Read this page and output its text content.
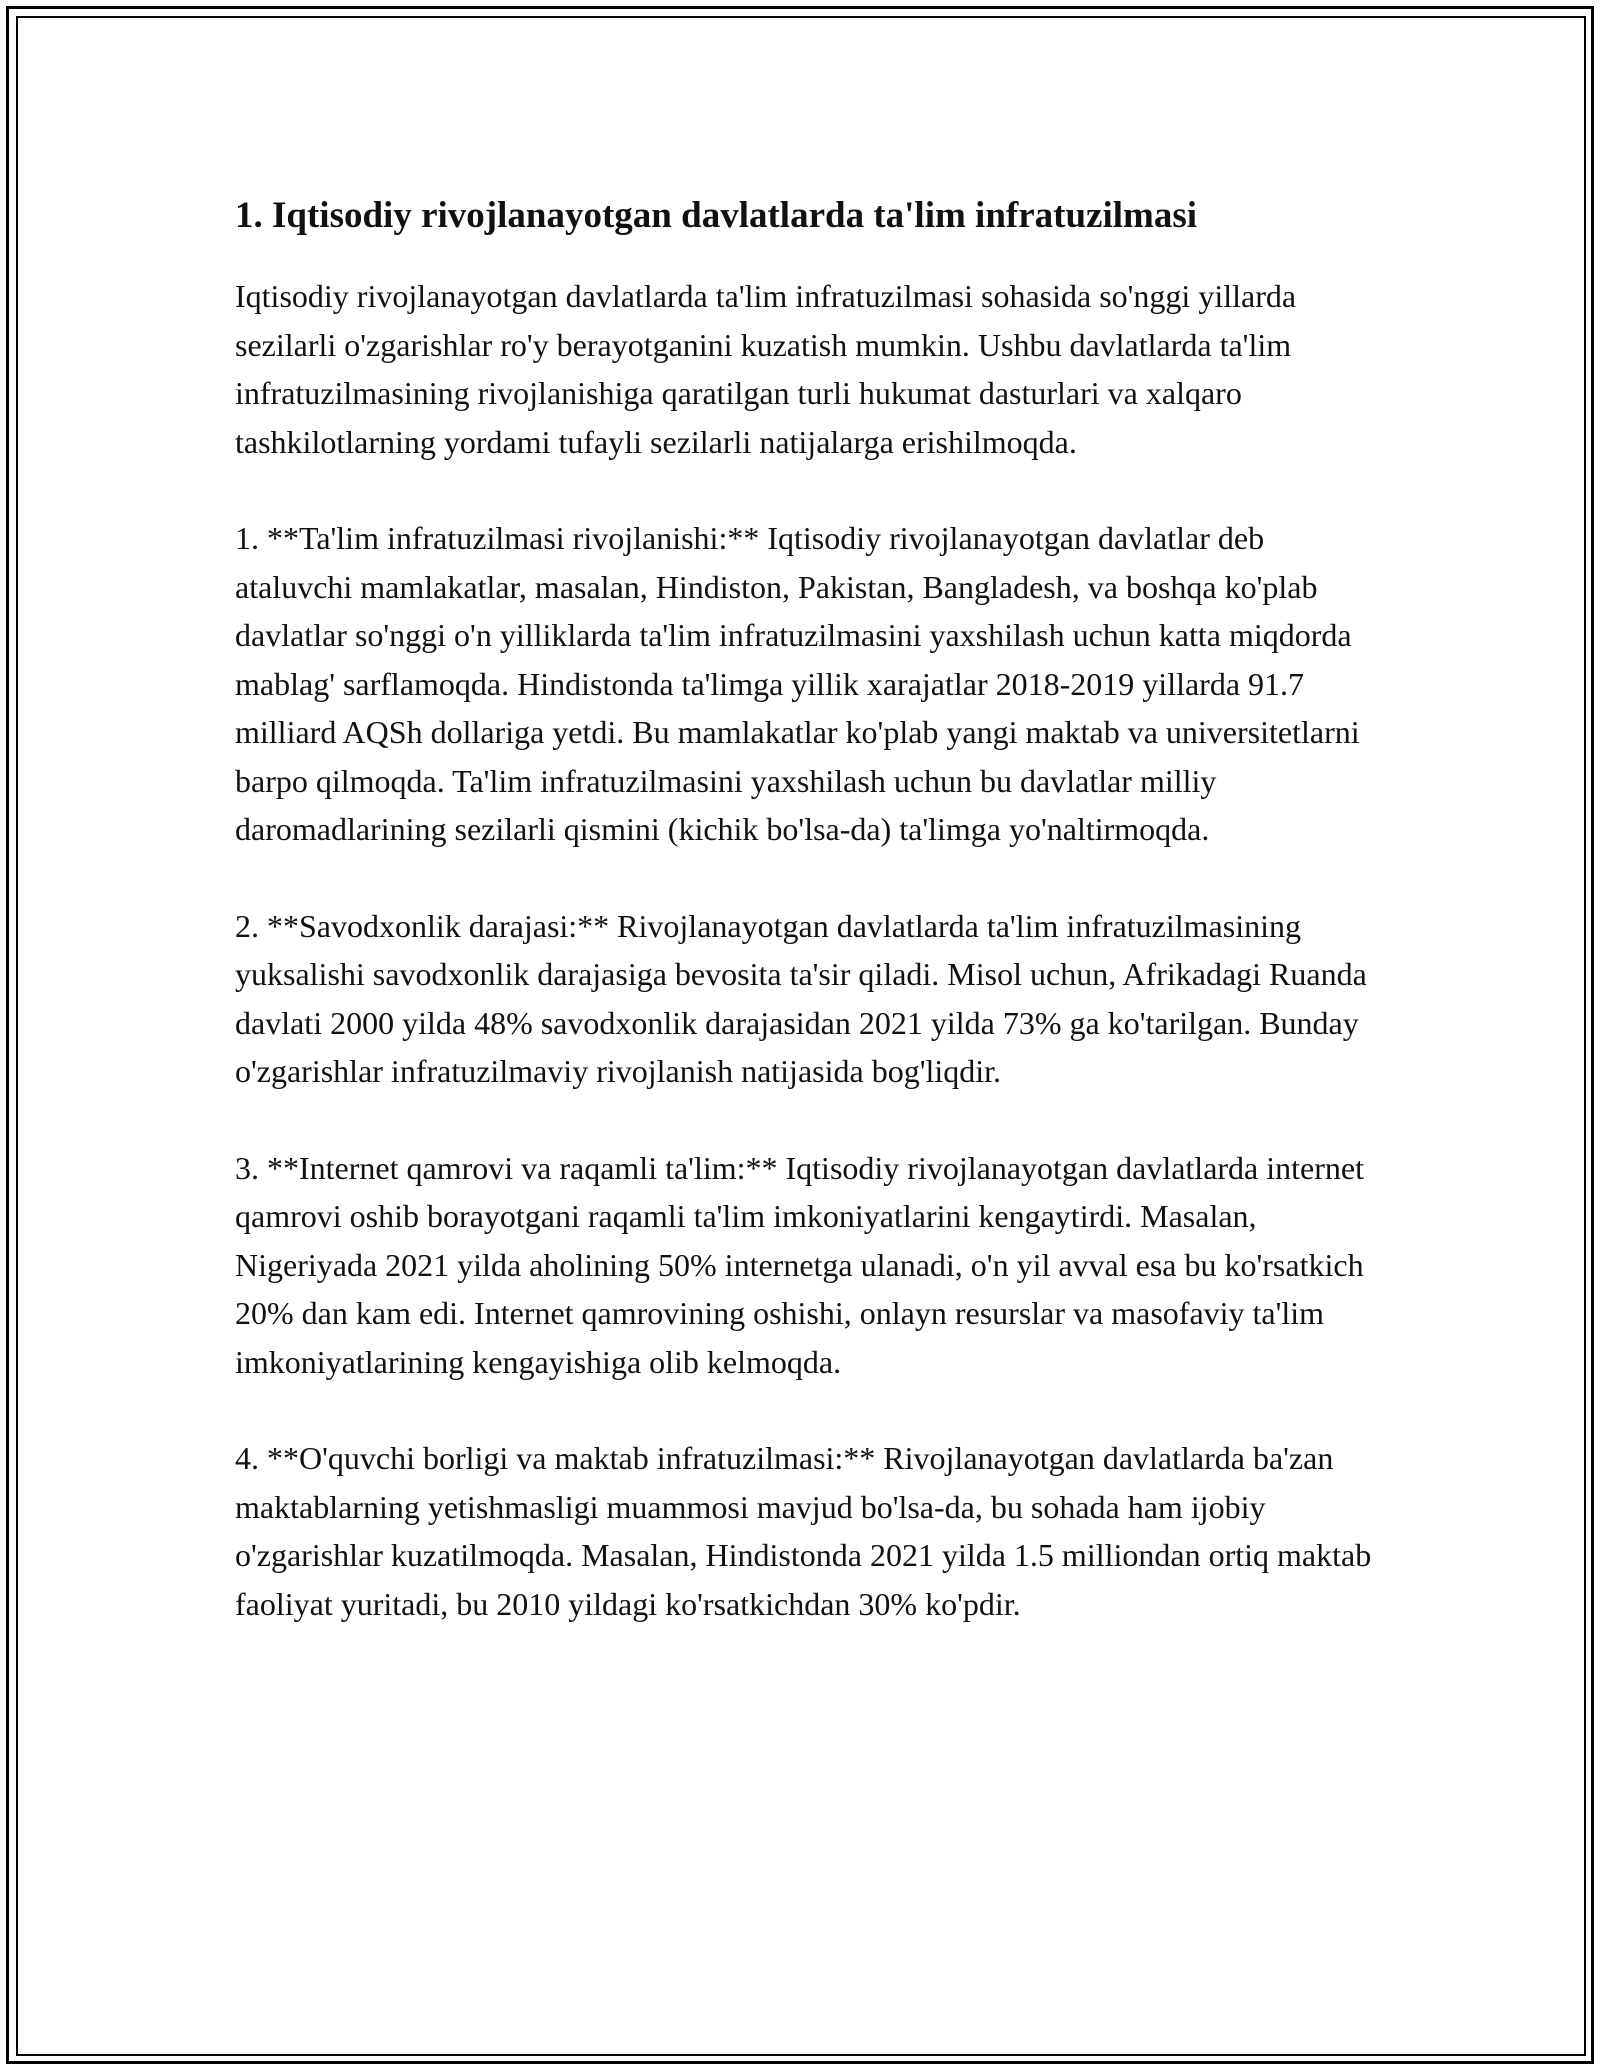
1. Iqtisodiy rivojlanayotgan davlatlarda ta'lim infratuzilmasi

Iqtisodiy rivojlanayotgan davlatlarda ta'lim infratuzilmasi sohasida so'nggi yillarda sezilarli o'zgarishlar ro'y berayotganini kuzatish mumkin. Ushbu davlatlarda ta'lim infratuzilmasining rivojlanishiga qaratilgan turli hukumat dasturlari va xalqaro tashkilotlarning yordami tufayli sezilarli natijalarga erishilmoqda.

1. **Ta'lim infratuzilmasi rivojlanishi:** Iqtisodiy rivojlanayotgan davlatlar deb ataluvchi mamlakatlar, masalan, Hindiston, Pakistan, Bangladesh, va boshqa ko'plab davlatlar so'nggi o'n yilliklarda ta'lim infratuzilmasini yaxshilash uchun katta miqdorda mablag' sarflamoqda. Hindistonda ta'limga yillik xarajatlar 2018-2019 yillarda 91.7 milliard AQSh dollariga yetdi. Bu mamlakatlar ko'plab yangi maktab va universitetlarni barpo qilmoqda. Ta'lim infratuzilmasini yaxshilash uchun bu davlatlar milliy daromadlarining sezilarli qismini (kichik bo'lsa-da) ta'limga yo'naltirmoqda.

2. **Savodxonlik darajasi:** Rivojlanayotgan davlatlarda ta'lim infratuzilmasining yuksalishi savodxonlik darajasiga bevosita ta'sir qiladi. Misol uchun, Afrikadagi Ruanda davlati 2000 yilda 48% savodxonlik darajasidan 2021 yilda 73% ga ko'tarilgan. Bunday o'zgarishlar infratuzilmaviy rivojlanish natijasida bog'liqdir.

3. **Internet qamrovi va raqamli ta'lim:** Iqtisodiy rivojlanayotgan davlatlarda internet qamrovi oshib borayotgani raqamli ta'lim imkoniyatlarini kengaytirdi. Masalan, Nigeriyada 2021 yilda aholining 50% internetga ulanadi, o'n yil avval esa bu ko'rsatkich 20% dan kam edi. Internet qamrovining oshishi, onlayn resurslar va masofaviy ta'lim imkoniyatlarining kengayishiga olib kelmoqda.

4. **O'quvchi borligi va maktab infratuzilmasi:** Rivojlanayotgan davlatlarda ba'zan maktablarning yetishmasligi muammosi mavjud bo'lsa-da, bu sohada ham ijobiy o'zgarishlar kuzatilmoqda. Masalan, Hindistonda 2021 yilda 1.5 milliondan ortiq maktab faoliyat yuritadi, bu 2010 yildagi ko'rsatkichdan 30% ko'pdir.
